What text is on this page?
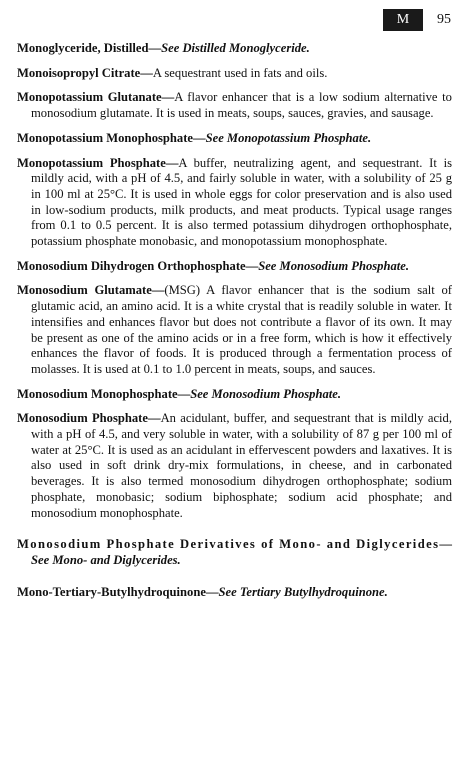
M 95

Monoglyceride, Distilled—See Distilled Monoglyceride.

Monoisopropyl Citrate—A sequestrant used in fats and oils.

Monopotassium Glutanate—A flavor enhancer that is a low sodium alternative to monosodium glutamate. It is used in meats, soups, sauces, gravies, and sausage.

Monopotassium Monophosphate—See Monopotassium Phosphate.

Monopotassium Phosphate—A buffer, neutralizing agent, and sequestrant. It is mildly acid, with a pH of 4.5, and fairly soluble in water, with a solubility of 25 g in 100 ml at 25°C. It is used in whole eggs for color preservation and is also used in low-sodium products, milk products, and meat products. Typical usage ranges from 0.1 to 0.5 percent. It is also termed potassium dihydrogen orthophosphate, potassium phosphate monobasic, and monopotassium monophosphate.

Monosodium Dihydrogen Orthophosphate—See Monosodium Phosphate.

Monosodium Glutamate—(MSG) A flavor enhancer that is the sodium salt of glutamic acid, an amino acid. It is a white crystal that is readily soluble in water. It intensifies and enhances flavor but does not contribute a flavor of its own. It may be present as one of the amino acids or in a free form, which is how it effectively enhances the flavor of foods. It is produced through a fermentation process of molasses. It is used at 0.1 to 1.0 percent in meats, soups, and sauces.

Monosodium Monophosphate—See Monosodium Phosphate.

Monosodium Phosphate—An acidulant, buffer, and sequestrant that is mildly acid, with a pH of 4.5, and very soluble in water, with a solubility of 87 g per 100 ml of water at 25°C. It is used as an acidulant in effervescent powders and laxatives. It is also used in soft drink dry-mix formulations, in cheese, and in carbonated beverages. It is also termed monosodium dihydrogen orthophosphate; sodium phosphate, monobasic; sodium biphosphate; sodium acid phosphate; and monosodium monophosphate.

Monosodium Phosphate Derivatives of Mono- and Diglycerides—See Mono- and Diglycerides.

Mono-Tertiary-Butylhydroquinone—See Tertiary Butylhydroquinone.
